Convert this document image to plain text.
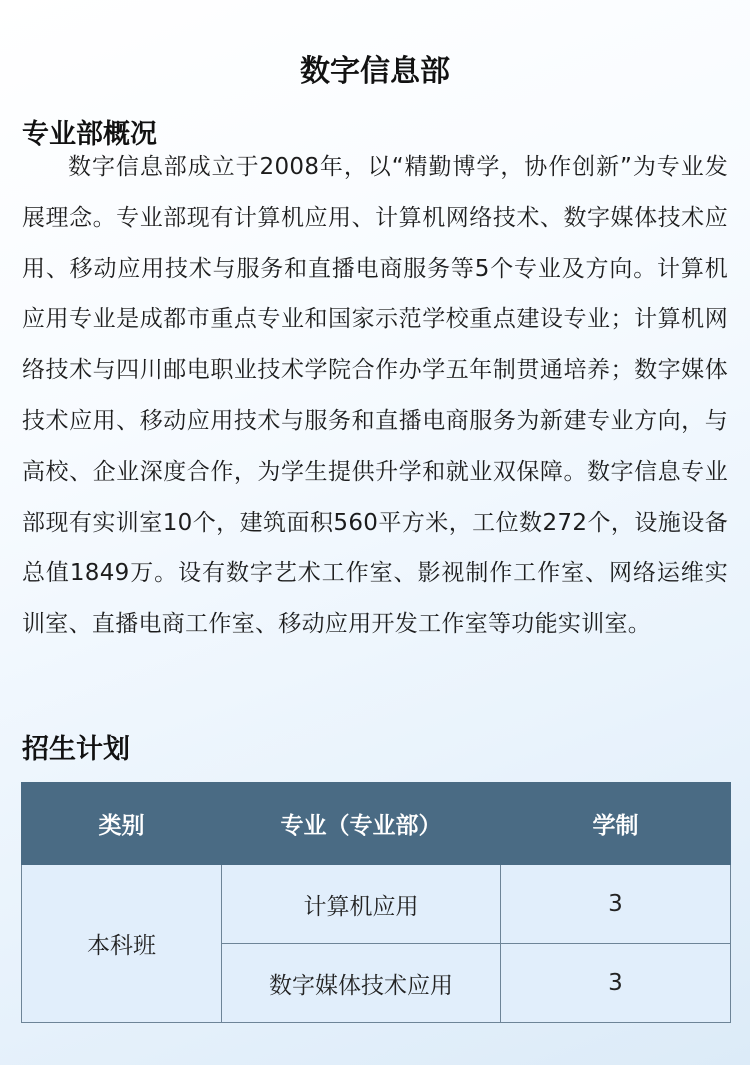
数字信息部
专业部概况

数字信息部成立于2008年，以“精勤博学，协作创新”为专业发展理念。专业部现有计算机应用、计算机网络技术、数字媒体技术应用、移动应用技术与服务和直播电商服务等5个专业及方向。计算机应用专业是成都市重点专业和国家示范学校重点建设专业；计算机网络技术与四川邮电职业技术学院合作办学五年制贯通培养；数字媒体技术应用、移动应用技术与服务和直播电商服务为新建专业方向，与高校、企业深度合作，为学生提供升学和就业双保障。数字信息专业部现有实训室10个，建筑面积560平方米，工位数272个，设施设备总值1849万。设有数字艺术工作室、影视制作工作室、网络运维实训室、直播电商工作室、移动应用开发工作室等功能实训室。

招生计划
类别	专业（专业部）	学制
本科班	计算机应用	3
	数字媒体技术应用	3
